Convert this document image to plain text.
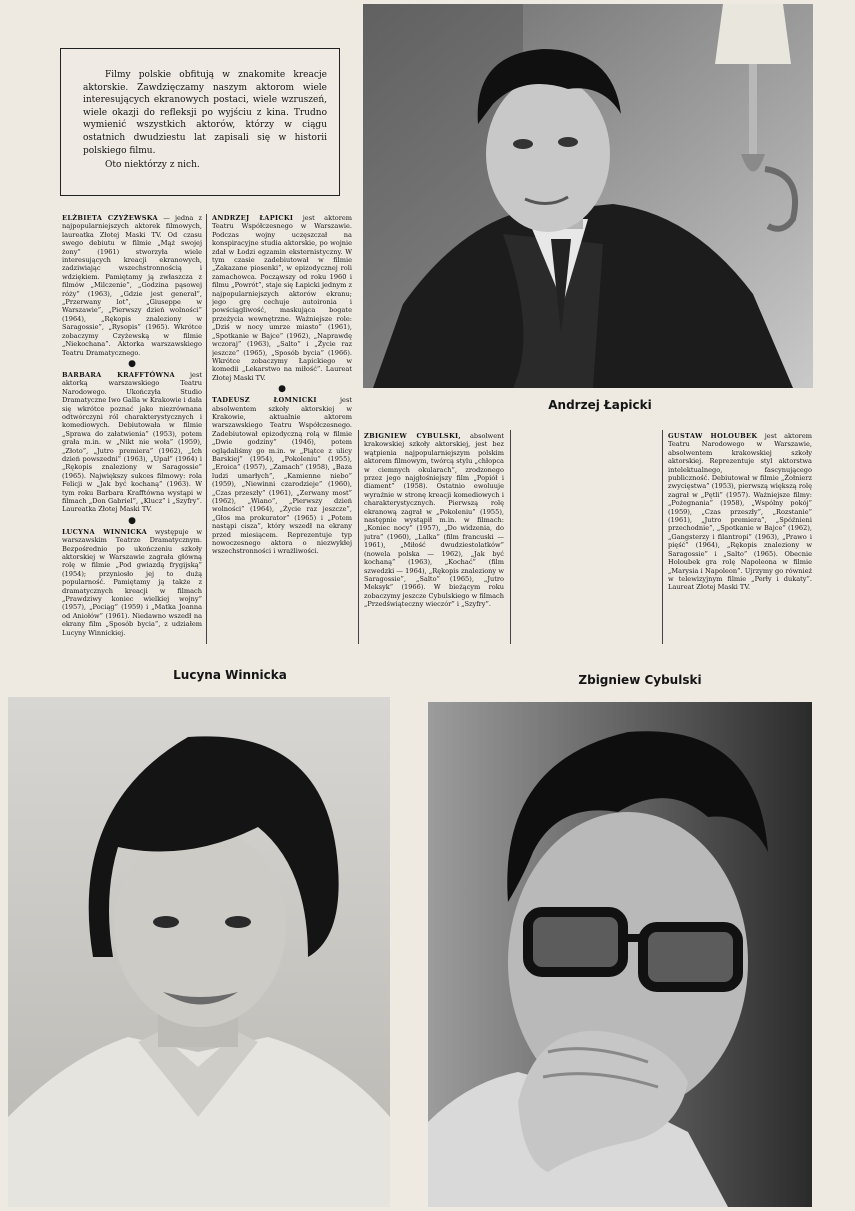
Filmy polskie obfitują w znakomite kreacje aktorskie. Zawdzięczamy naszym aktorom wiele interesujących ekranowych postaci, wiele wzruszeń, wiele okazji do refleksji po wyjściu z kina. Trudno wymienić wszystkich aktorów, którzy w ciągu ostatnich dwudziestu lat zapisali się w historii polskiego filmu.

Oto niektórzy z nich.

Andrzej Łapicki

ELŻBIETA CZYŻEWSKA — jedna z najpopularniejszych aktorek filmowych, laureatka Złotej Maski TV. Od czasu swego debiutu w filmie „Mąż swojej żony” (1961) stworzyła wiele interesujących kreacji ekranowych, zadziwiając wszechstronnością i wdziękiem. Pamiętamy ją zwłaszcza z filmów „Milczenie”, „Godzina pąsowej róży” (1963), „Gdzie jest generał”, „Przerwany lot”, „Giuseppe w Warszawie”, „Pierwszy dzień wolności” (1964), „Rękopis znaleziony w Saragossie”, „Rysopis” (1965). Wkrótce zobaczymy Czyżewską w filmie „Niekochana”. Aktorka warszawskiego Teatru Dramatycznego.

●

BARBARA KRAFFTÓWNA jest aktorką warszawskiego Teatru Narodowego. Ukończyła Studio Dramatyczne Iwo Galla w Krakowie i dała się wkrótce poznać jako niezrównana odtwórczyni ról charakterystycznych i komediowych. Debiutowała w filmie „Sprawa do załatwienia” (1953), potem grała m.in. w „Nikt nie woła” (1959), „Złoto”, „Jutro premiera” (1962), „Ich dzień powszedni” (1963), „Upał” (1964) i „Rękopis znaleziony w Saragossie” (1965). Największy sukces filmowy: rola Felicji w „Jak być kochaną” (1963). W tym roku Barbara Krafftówna wystąpi w filmach „Don Gabriel”, „Klucz” i „Szyfry”. Laureatka Złotej Maski TV.

●

LUCYNA WINNICKA występuje w warszawskim Teatrze Dramatycznym. Bezpośrednio po ukończeniu szkoły aktorskiej w Warszawie zagrała główną rolę w filmie „Pod gwiazdą frygijską” (1954); przyniosło jej to dużą popularność. Pamiętamy ją także z dramatycznych kreacji w filmach „Prawdziwy koniec wielkiej wojny” (1957), „Pociąg” (1959) i „Matka Joanna od Aniołów” (1961). Niedawno wszedł na ekrany film „Sposób bycia”, z udziałem Lucyny Winnickiej.

ANDRZEJ ŁAPICKI jest aktorem Teatru Współczesnego w Warszawie. Podczas wojny uczęszczał na konspiracyjne studia aktorskie, po wojnie zdał w Łodzi egzamin eksternistyczny. W tym czasie zadebiutował w filmie „Zakazane piosenki”, w epizodycznej roli zamachowca. Począwszy od roku 1960 i filmu „Powrót”, staje się Łapicki jednym z najpopularniejszych aktorów ekranu; jego grę cechuje autoironia i powściągliwość, maskująca bogate przeżycia wewnętrzne. Ważniejsze role: „Dziś w nocy umrze miasto” (1961), „Spotkanie w Bajce” (1962), „Naprawdę wczoraj” (1963), „Salto” i „Życie raz jeszcze” (1965), „Sposób bycia” (1966). Wkrótce zobaczymy Łapickiego w komedii „Lekarstwo na miłość”. Laureat Złotej Maski TV.

●

TADEUSZ ŁOMNICKI	jest absolwentem szkoły aktorskiej w Krakowie, aktualnie aktorem warszawskiego Teatru Współczesnego. Zadebiutował epizodyczną rolą w filmie „Dwie godziny” (1946), potem oglądaliśmy go m.in. w „Piątce z ulicy Barskiej” (1954), „Pokoleniu” (1955), „Eroica” (1957), „Zamach” (1958), „Baza ludzi umarłych”, „Kamienne niebo” (1959), „Niewinni czarodzieje” (1960), „Czas przeszły” (1961), „Zerwany most” (1962), „Wiano”, „Pierwszy dzień wolności” (1964), „Życie raz jeszcze”, „Głos ma prokurator” (1965) i „Potem nastąpi cisza”, który wszedł na ekrany przed miesiącem. Reprezentuje typ nowoczesnego aktora o niezwykłej wszechstronności i wrażliwości.

ZBIGNIEW CYBULSKI, absolwent krakowskiej szkoły aktorskiej, jest bez wątpienia najpopularniejszym polskim aktorem filmowym, twórcą stylu „chłopca w ciemnych okularach”, zrodzonego przez jego najgłośniejszy film „Popiół i diament” (1958). Ostatnio ewoluuje wyraźnie w stronę kreacji komediowych i charakterystycznych. Pierwszą rolę ekranową zagrał w „Pokoleniu” (1955), następnie wystąpił m.in. w filmach: „Koniec nocy” (1957), „Do widzenia, do jutra” (1960), „Lalka” (film francuski — 1961), „Miłość dwudziestolatków” (nowela polska — 1962), „Jak być kochaną” (1963), „Kochać” (film szwedzki — 1964), „Rękopis znaleziony w Saragossie”, „Salto” (1965), „Jutro Meksyk” (1966). W bieżącym roku zobaczymy jeszcze Cybulskiego w filmach „Przedświąteczny wieczór” i „Szyfry”.

GUSTAW HOLOUBEK jest aktorem Teatru Narodowego w Warszawie, absolwentem krakowskiej szkoły aktorskiej. Reprezentuje styl aktorstwa intelektualnego, fascynującego publiczność. Debiutował w filmie „Żołnierz zwycięstwa” (1953), pierwszą większą rolę zagrał w „Pętli” (1957). Ważniejsze filmy: „Pożegnania” (1958), „Wspólny pokój” (1959), „Czas przeszły”, „Rozstanie” (1961), „Jutro premiera”, „Spóźnieni przechodnie”, „Spotkanie w Bajce” (1962), „Gangsterzy i filantropi” (1963), „Prawo i pięść” (1964), „Rękopis znaleziony w Saragossie” i „Salto” (1965). Obecnie Holoubek gra rolę Napoleona w filmie „Marysia i Napoleon”. Ujrzymy go również w telewizyjnym filmie „Perły i dukaty”. Laureat Złotej Maski TV.

Lucyna Winnicka	Zbigniew Cybulski
